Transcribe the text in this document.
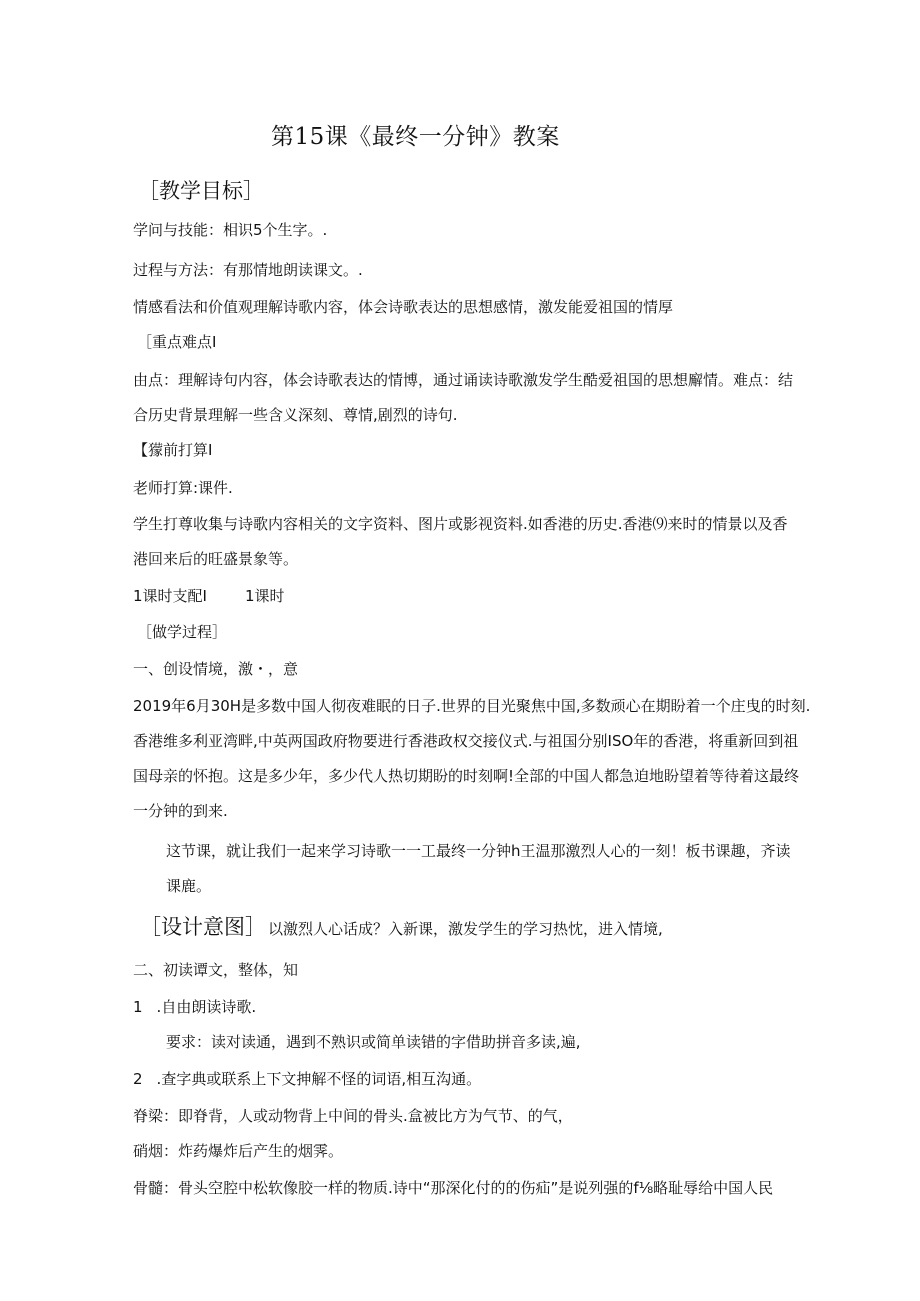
第15课《最终一分钟》教案
［教学目标］
学问与技能：相识5个生字。.
过程与方法：有那情地朗读课文。.
情感看法和价值观理解诗歌内容，体会诗歌表达的思想感情，激发能爱祖国的情厚
［重点难点I
由点：理解诗句内容，体会诗歌表达的情博，通过诵读诗歌激发学生酷爱祖国的思想廨情。难点：结
合历史背景理解一些含义深刻、尊情,剧烈的诗句.
【獴前打算I
老师打算:课件.
学生打尊收集与诗歌内容相关的文字资料、图片或影视资料.如香港的历史.香港⑼来时的情景以及香
港回来后的旺盛景象等。
1课时支配I	1课时
［做学过程］
一、创设情境，激・，意
2019年6月30H是多数中国人彻夜难眠的日子.世界的目光聚焦中国,多数顽心在期盼着一个庄曳的时刻.
香港维多利亚湾畔,中英两国政府物要进行香港政权交接仪式.与祖国分别ISO年的香港，将重新回到祖
国母亲的怀抱。这是多少年，多少代人热切期盼的时刻啊!全部的中国人都急迫地盼望着等待着这最终
一分钟的到来.
这节课，就让我们一起来学习诗歌一一工最终一分钟h王温那激烈人心的一刻！板书课趣，齐读
课鹿。
［设计意图］ 以激烈人心话成？入新课，激发学生的学习热忱，进入情境,
二、初读谭文，整体，知
1 .自由朗读诗歌.
要求：读对读通，遇到不熟识或简单读错的字借助拼音多读,遍,
2 .查字典或联系上下文抻解不怪的词语,相互沟通。
脊梁：即脊背，人或动物背上中间的骨头.盒被比方为气节、的气，
硝烟：炸药爆炸后产生的烟霁。
骨髓：骨头空腔中松软像胶一样的物质.诗中“那深化付的的伤疝”是说列强的f⅛略耻辱给中国人民
